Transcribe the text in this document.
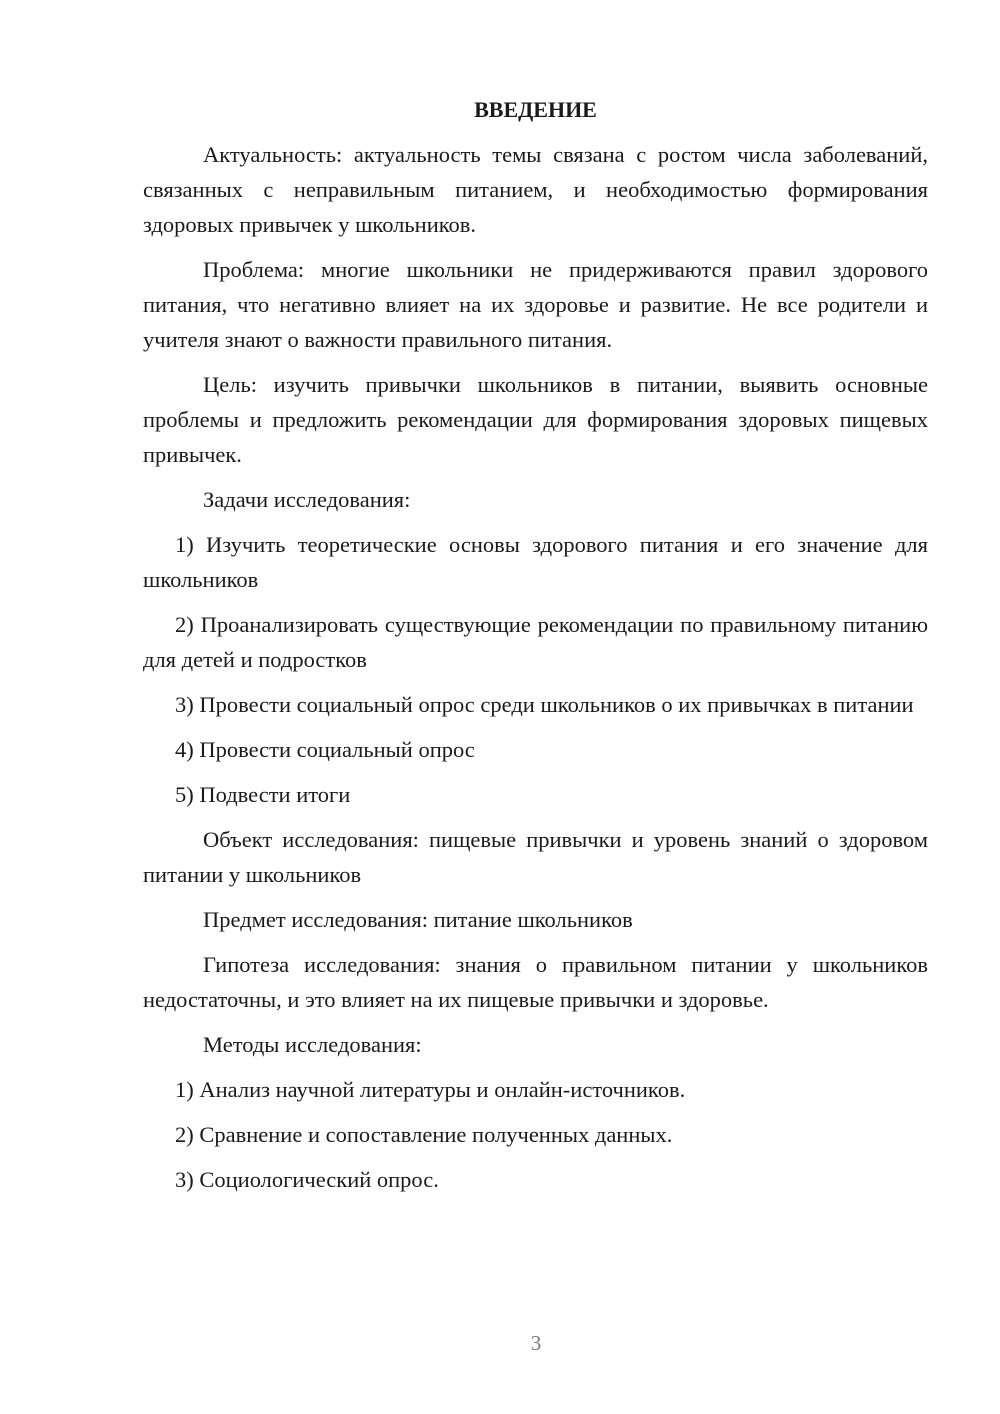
ВВЕДЕНИЕ

Актуальность: актуальность темы связана с ростом числа заболеваний, связанных с неправильным питанием, и необходимостью формирования здоровых привычек у школьников.

Проблема: многие школьники не придерживаются правил здорового питания, что негативно влияет на их здоровье и развитие. Не все родители и учителя знают о важности правильного питания.

Цель: изучить привычки школьников в питании, выявить основные проблемы и предложить рекомендации для формирования здоровых пищевых привычек.

Задачи исследования:

1) Изучить теоретические основы здорового питания и его значение для школьников

2) Проанализировать существующие рекомендации по правильному питанию для детей и подростков

3) Провести социальный опрос среди школьников о их привычках в питании

4) Провести социальный опрос

5) Подвести итоги

Объект исследования: пищевые привычки и уровень знаний о здоровом питании у школьников

Предмет исследования: питание школьников

Гипотеза исследования: знания о правильном питании у школьников недостаточны, и это влияет на их пищевые привычки и здоровье.

Методы исследования:

1) Анализ научной литературы и онлайн-источников.

2) Сравнение и сопоставление полученных данных.

3) Социологический опрос.

3
